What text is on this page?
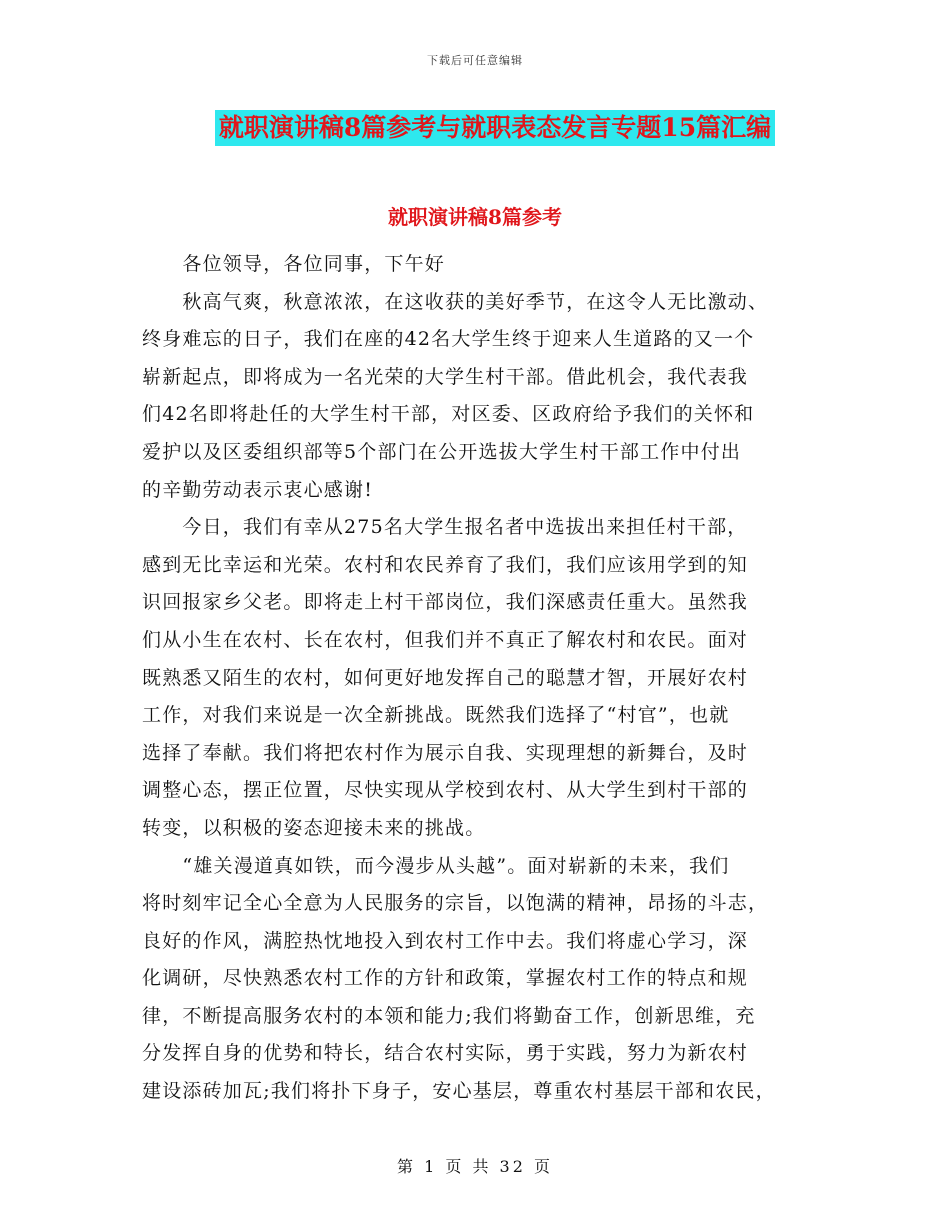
下载后可任意编辑
就职演讲稿8篇参考与就职表态发言专题15篇汇编
就职演讲稿8篇参考
　　各位领导，各位同事，下午好
　　秋高气爽，秋意浓浓，在这收获的美好季节，在这令人无比激动、
终身难忘的日子，我们在座的42名大学生终于迎来人生道路的又一个
崭新起点，即将成为一名光荣的大学生村干部。借此机会，我代表我
们42名即将赴任的大学生村干部，对区委、区政府给予我们的关怀和
爱护以及区委组织部等5个部门在公开选拔大学生村干部工作中付出
的辛勤劳动表示衷心感谢!
　　今日，我们有幸从275名大学生报名者中选拔出来担任村干部，
感到无比幸运和光荣。农村和农民养育了我们，我们应该用学到的知
识回报家乡父老。即将走上村干部岗位，我们深感责任重大。虽然我
们从小生在农村、长在农村，但我们并不真正了解农村和农民。面对
既熟悉又陌生的农村，如何更好地发挥自己的聪慧才智，开展好农村
工作，对我们来说是一次全新挑战。既然我们选择了“村官”，也就
选择了奉献。我们将把农村作为展示自我、实现理想的新舞台，及时
调整心态，摆正位置，尽快实现从学校到农村、从大学生到村干部的
转变，以积极的姿态迎接未来的挑战。
　　“雄关漫道真如铁，而今漫步从头越”。面对崭新的未来，我们
将时刻牢记全心全意为人民服务的宗旨，以饱满的精神，昂扬的斗志，
良好的作风，满腔热忱地投入到农村工作中去。我们将虚心学习，深
化调研，尽快熟悉农村工作的方针和政策，掌握农村工作的特点和规
律，不断提高服务农村的本领和能力;我们将勤奋工作，创新思维，充
分发挥自身的优势和特长，结合农村实际，勇于实践，努力为新农村
建设添砖加瓦;我们将扑下身子，安心基层，尊重农村基层干部和农民，
第 1 页 共 32 页
